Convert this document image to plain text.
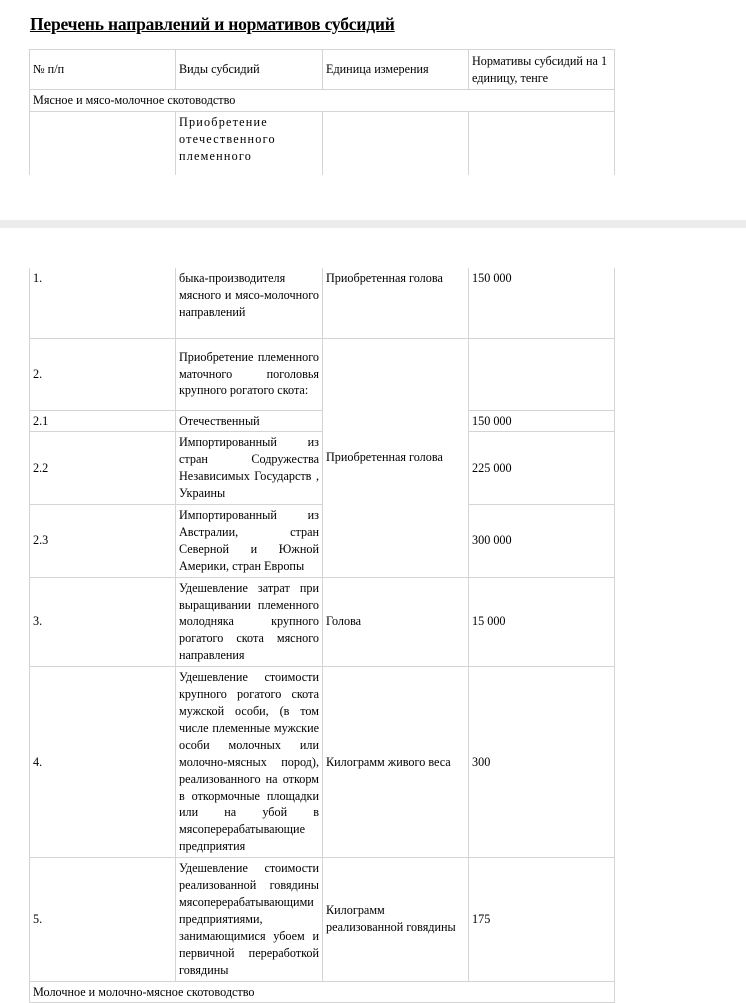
Перечень направлений и нормативов субсидий
№ п/п	Виды субсидий	Единица измерения	Нормативы субсидий на 1 единицу, тенге
Мясное и мясо-молочное скотоводство			
	Приобретение отечественного племенного		
1.	быка-производителя мясного и мясо-молочного направлений	Приобретенная голова	150 000
2.	Приобретение племенного маточного поголовья крупного рогатого скота:	Приобретенная голова	
2.1	Отечественный		150 000
2.2	Импортированный из стран Содружества Независимых Государств , Украины		225 000
2.3	Импортированный из Австралии, стран Северной и Южной Америки, стран Европы		300 000
3.	Удешевление затрат при выращивании племенного молодняка крупного рогатого скота мясного направления	Голова	15 000
4.	Удешевление стоимости крупного рогатого скота мужской особи, (в том числе племенные мужские особи молочных или молочно-мясных пород), реализованного на откорм в откормочные площадки или на убой в мясоперерабатывающие предприятия	Килограмм живого веса	300
5.	Удешевление стоимости реализованной говядины мясоперерабатывающими предприятиями, занимающимися убоем и первичной переработкой говядины	Килограмм реализованной говядины	175
Молочное и молочно-мясное скотоводство			
